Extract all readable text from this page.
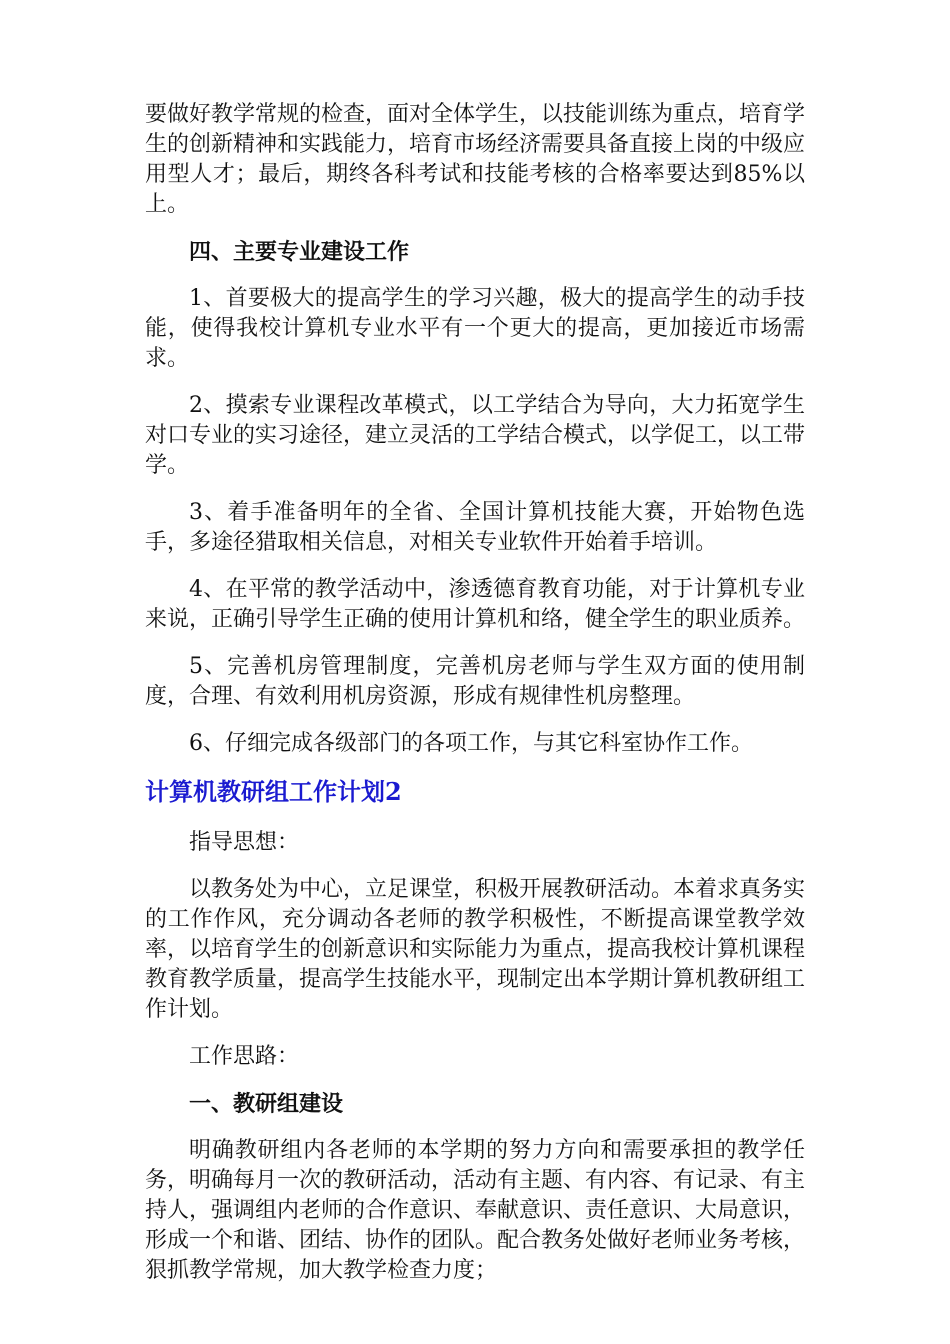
要做好教学常规的检查，面对全体学生，以技能训练为重点，培育学生的创新精神和实践能力，培育市场经济需要具备直接上岗的中级应用型人才；最后，期终各科考试和技能考核的合格率要达到85%以上。

四、主要专业建设工作

1、首要极大的提高学生的学习兴趣，极大的提高学生的动手技能，使得我校计算机专业水平有一个更大的提高，更加接近市场需求。

2、摸索专业课程改革模式，以工学结合为导向，大力拓宽学生对口专业的实习途径，建立灵活的工学结合模式，以学促工，以工带学。

3、着手准备明年的全省、全国计算机技能大赛，开始物色选手，多途径猎取相关信息，对相关专业软件开始着手培训。

4、在平常的教学活动中，渗透德育教育功能，对于计算机专业来说，正确引导学生正确的使用计算机和络，健全学生的职业质养。

5、完善机房管理制度，完善机房老师与学生双方面的使用制度，合理、有效利用机房资源，形成有规律性机房整理。

6、仔细完成各级部门的各项工作，与其它科室协作工作。

计算机教研组工作计划2

指导思想：

以教务处为中心，立足课堂，积极开展教研活动。本着求真务实的工作作风，充分调动各老师的教学积极性，不断提高课堂教学效率，以培育学生的创新意识和实际能力为重点，提高我校计算机课程教育教学质量，提高学生技能水平，现制定出本学期计算机教研组工作计划。

工作思路：

一、教研组建设

明确教研组内各老师的本学期的努力方向和需要承担的教学任务，明确每月一次的教研活动，活动有主题、有内容、有记录、有主持人，强调组内老师的合作意识、奉献意识、责任意识、大局意识，形成一个和谐、团结、协作的团队。配合教务处做好老师业务考核，狠抓教学常规，加大教学检查力度；
